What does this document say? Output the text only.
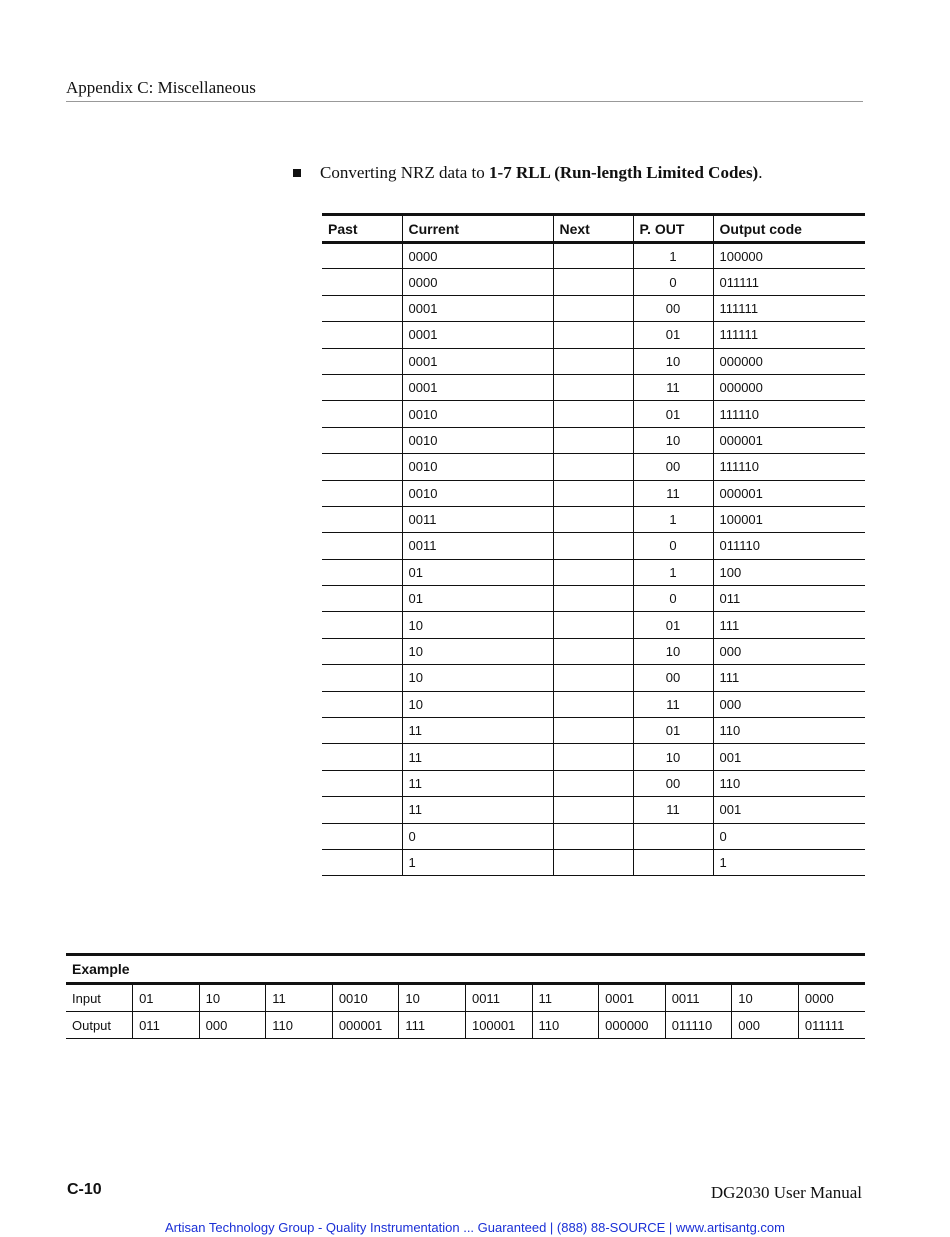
Appendix C: Miscellaneous
Converting NRZ data to 1-7 RLL (Run-length Limited Codes).
Past	Current	Next	P. OUT	Output code
	0000		1	100000
	0000		0	011111
	0001		00	111111
	0001		01	111111
	0001		10	000000
	0001		11	000000
	0010		01	111110
	0010		10	000001
	0010		00	111110
	0010		11	000001
	0011		1	100001
	0011		0	011110
	01		1	100
	01		0	011
	10		01	111
	10		10	000
	10		00	111
	10		11	000
	11		01	110
	11		10	001
	11		00	110
	11		11	001
	0			0
	1			1
Example											
Input	01	10	11	0010	10	0011	11	0001	0011	10	0000
Output	011	000	110	000001	111	100001	110	000000	011110	000	011111
C-10	DG2030 User Manual
Artisan Technology Group - Quality Instrumentation ... Guaranteed | (888) 88-SOURCE | www.artisantg.com
